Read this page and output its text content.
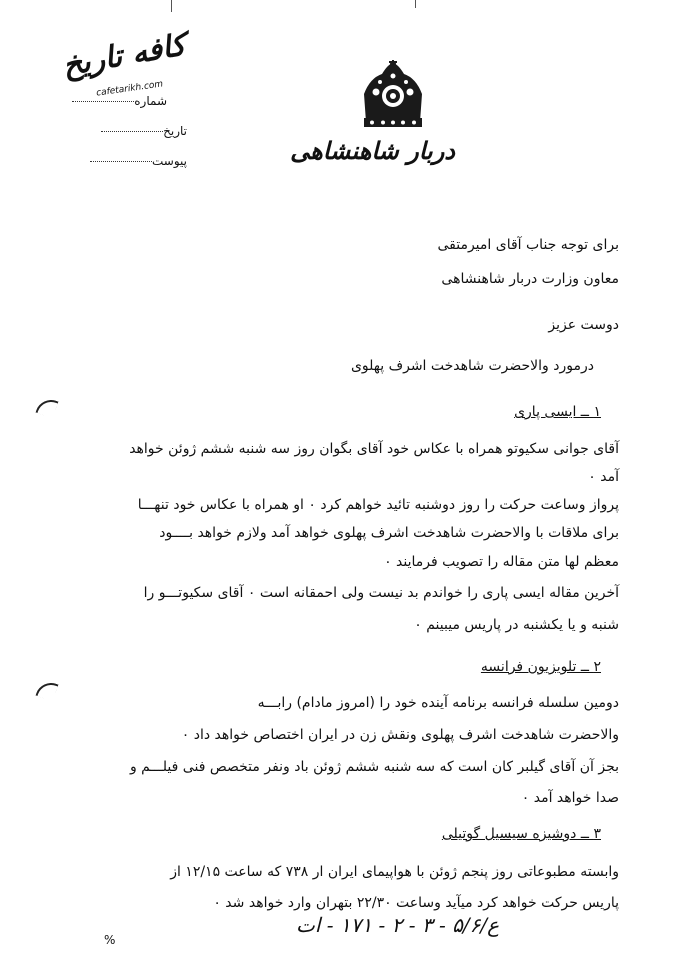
کافه تاریخ
cafetarikh.com
شماره
تاریخ
پیوست	دربار شاهنشاهی
برای توجه جناب آقای امیرمتقی
معاون وزارت دربار شاهنشاهی
دوست عزیز
درمورد والاحضرت شاهدخت اشرف پهلوی
۱ ــ ایسی پاری
آقای جوانی سکیوتو همراه با عکاس خود آقای بگوان روز سه شنبه ششم ژوئن خواهد
آمد ۰
پرواز وساعت حرکت را روز دوشنبه تائید خواهم کرد ۰ او همراه با عکاس خود تنهـــا
برای ملاقات با والاحضرت شاهدخت اشرف پهلوی خواهد آمد ولازم خواهد بــــود
معظم لها متن مقاله را تصویب فرمایند ۰
آخرین مقاله ایسی پاری را خواندم بد نیست ولی احمقانه است ۰ آقای سکیوتـــو را
شنبه و یا یکشنبه در پاریس میبینم ۰
۲ ــ تلویزیون فرانسه
دومین سلسله فرانسه برنامه آینده خود را (امروز مادام) رابـــه
والاحضرت شاهدخت اشرف پهلوی ونقش زن در ایران اختصاص خواهد داد ۰
بجز آن آقای گیلبر کان است که سه شنبه ششم ژوئن باد ونفر متخصص فنی فیلـــم و
صدا خواهد آمد ۰
۳ ــ دوشیزه سیسیل گوتیلی
وابسته مطبوعاتی روز پنجم ژوئن با هواپیمای ایران ار ۷۳۸ که ساعت ۱۲/۱۵ از
پاریس حرکت خواهد کرد میآید وساعت ۲۲/۳۰ بتهران وارد خواهد شد ۰
ع/۵/۶ - ۳ - ۲ - ۱۷۱ - ات
%
